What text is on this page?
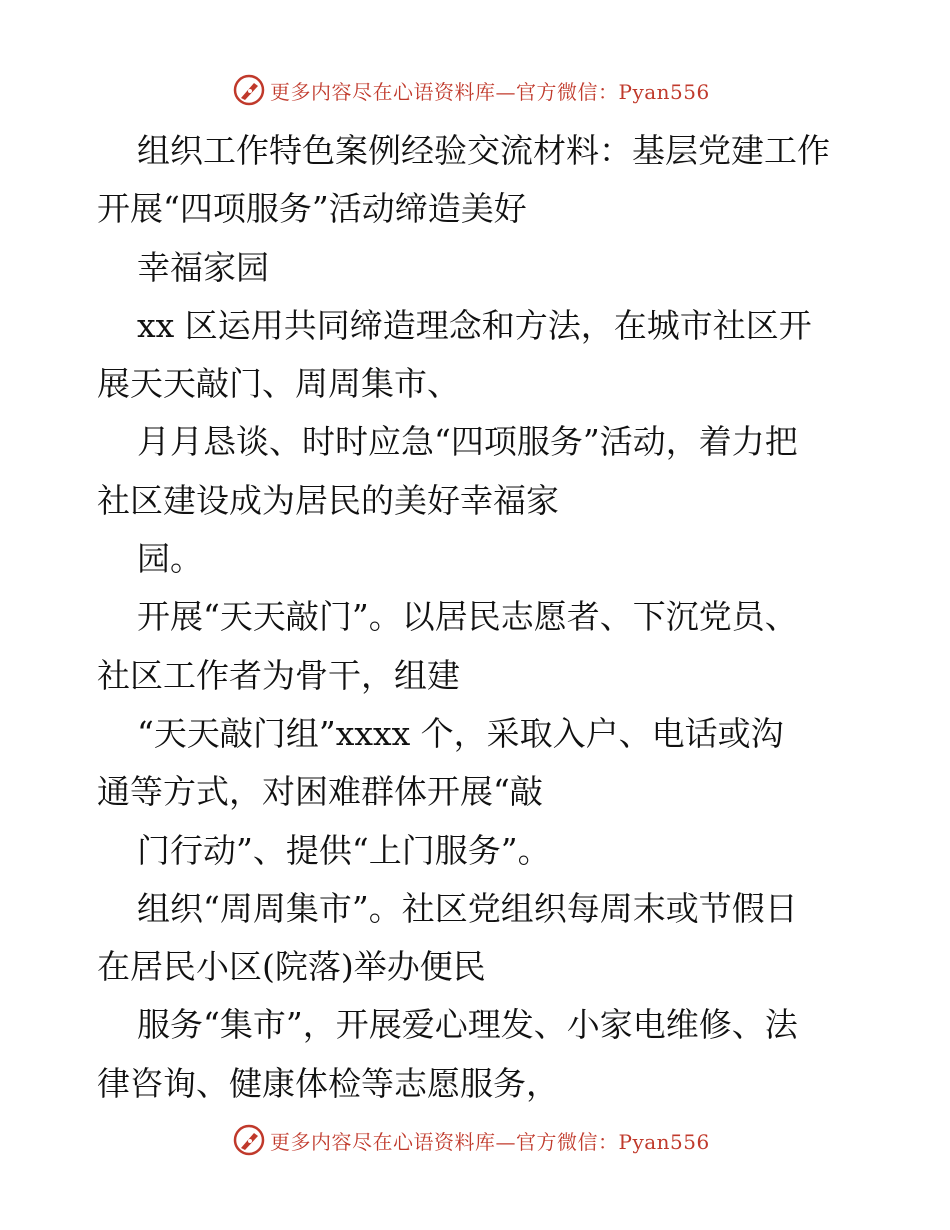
更多内容尽在心语资料库—官方微信：Pyan556
组织工作特色案例经验交流材料：基层党建工作
开展“四项服务”活动缔造美好
幸福家园
xx 区运用共同缔造理念和方法，在城市社区开
展天天敲门、周周集市、
月月恳谈、时时应急“四项服务”活动，着力把
社区建设成为居民的美好幸福家
园。
开展“天天敲门”。以居民志愿者、下沉党员、
社区工作者为骨干，组建
“天天敲门组”xxxx 个，采取入户、电话或沟
通等方式，对困难群体开展“敲
门行动”、提供“上门服务”。
组织“周周集市”。社区党组织每周末或节假日
在居民小区(院落)举办便民
服务“集市”，开展爱心理发、小家电维修、法
律咨询、健康体检等志愿服务，
更多内容尽在心语资料库—官方微信：Pyan556
